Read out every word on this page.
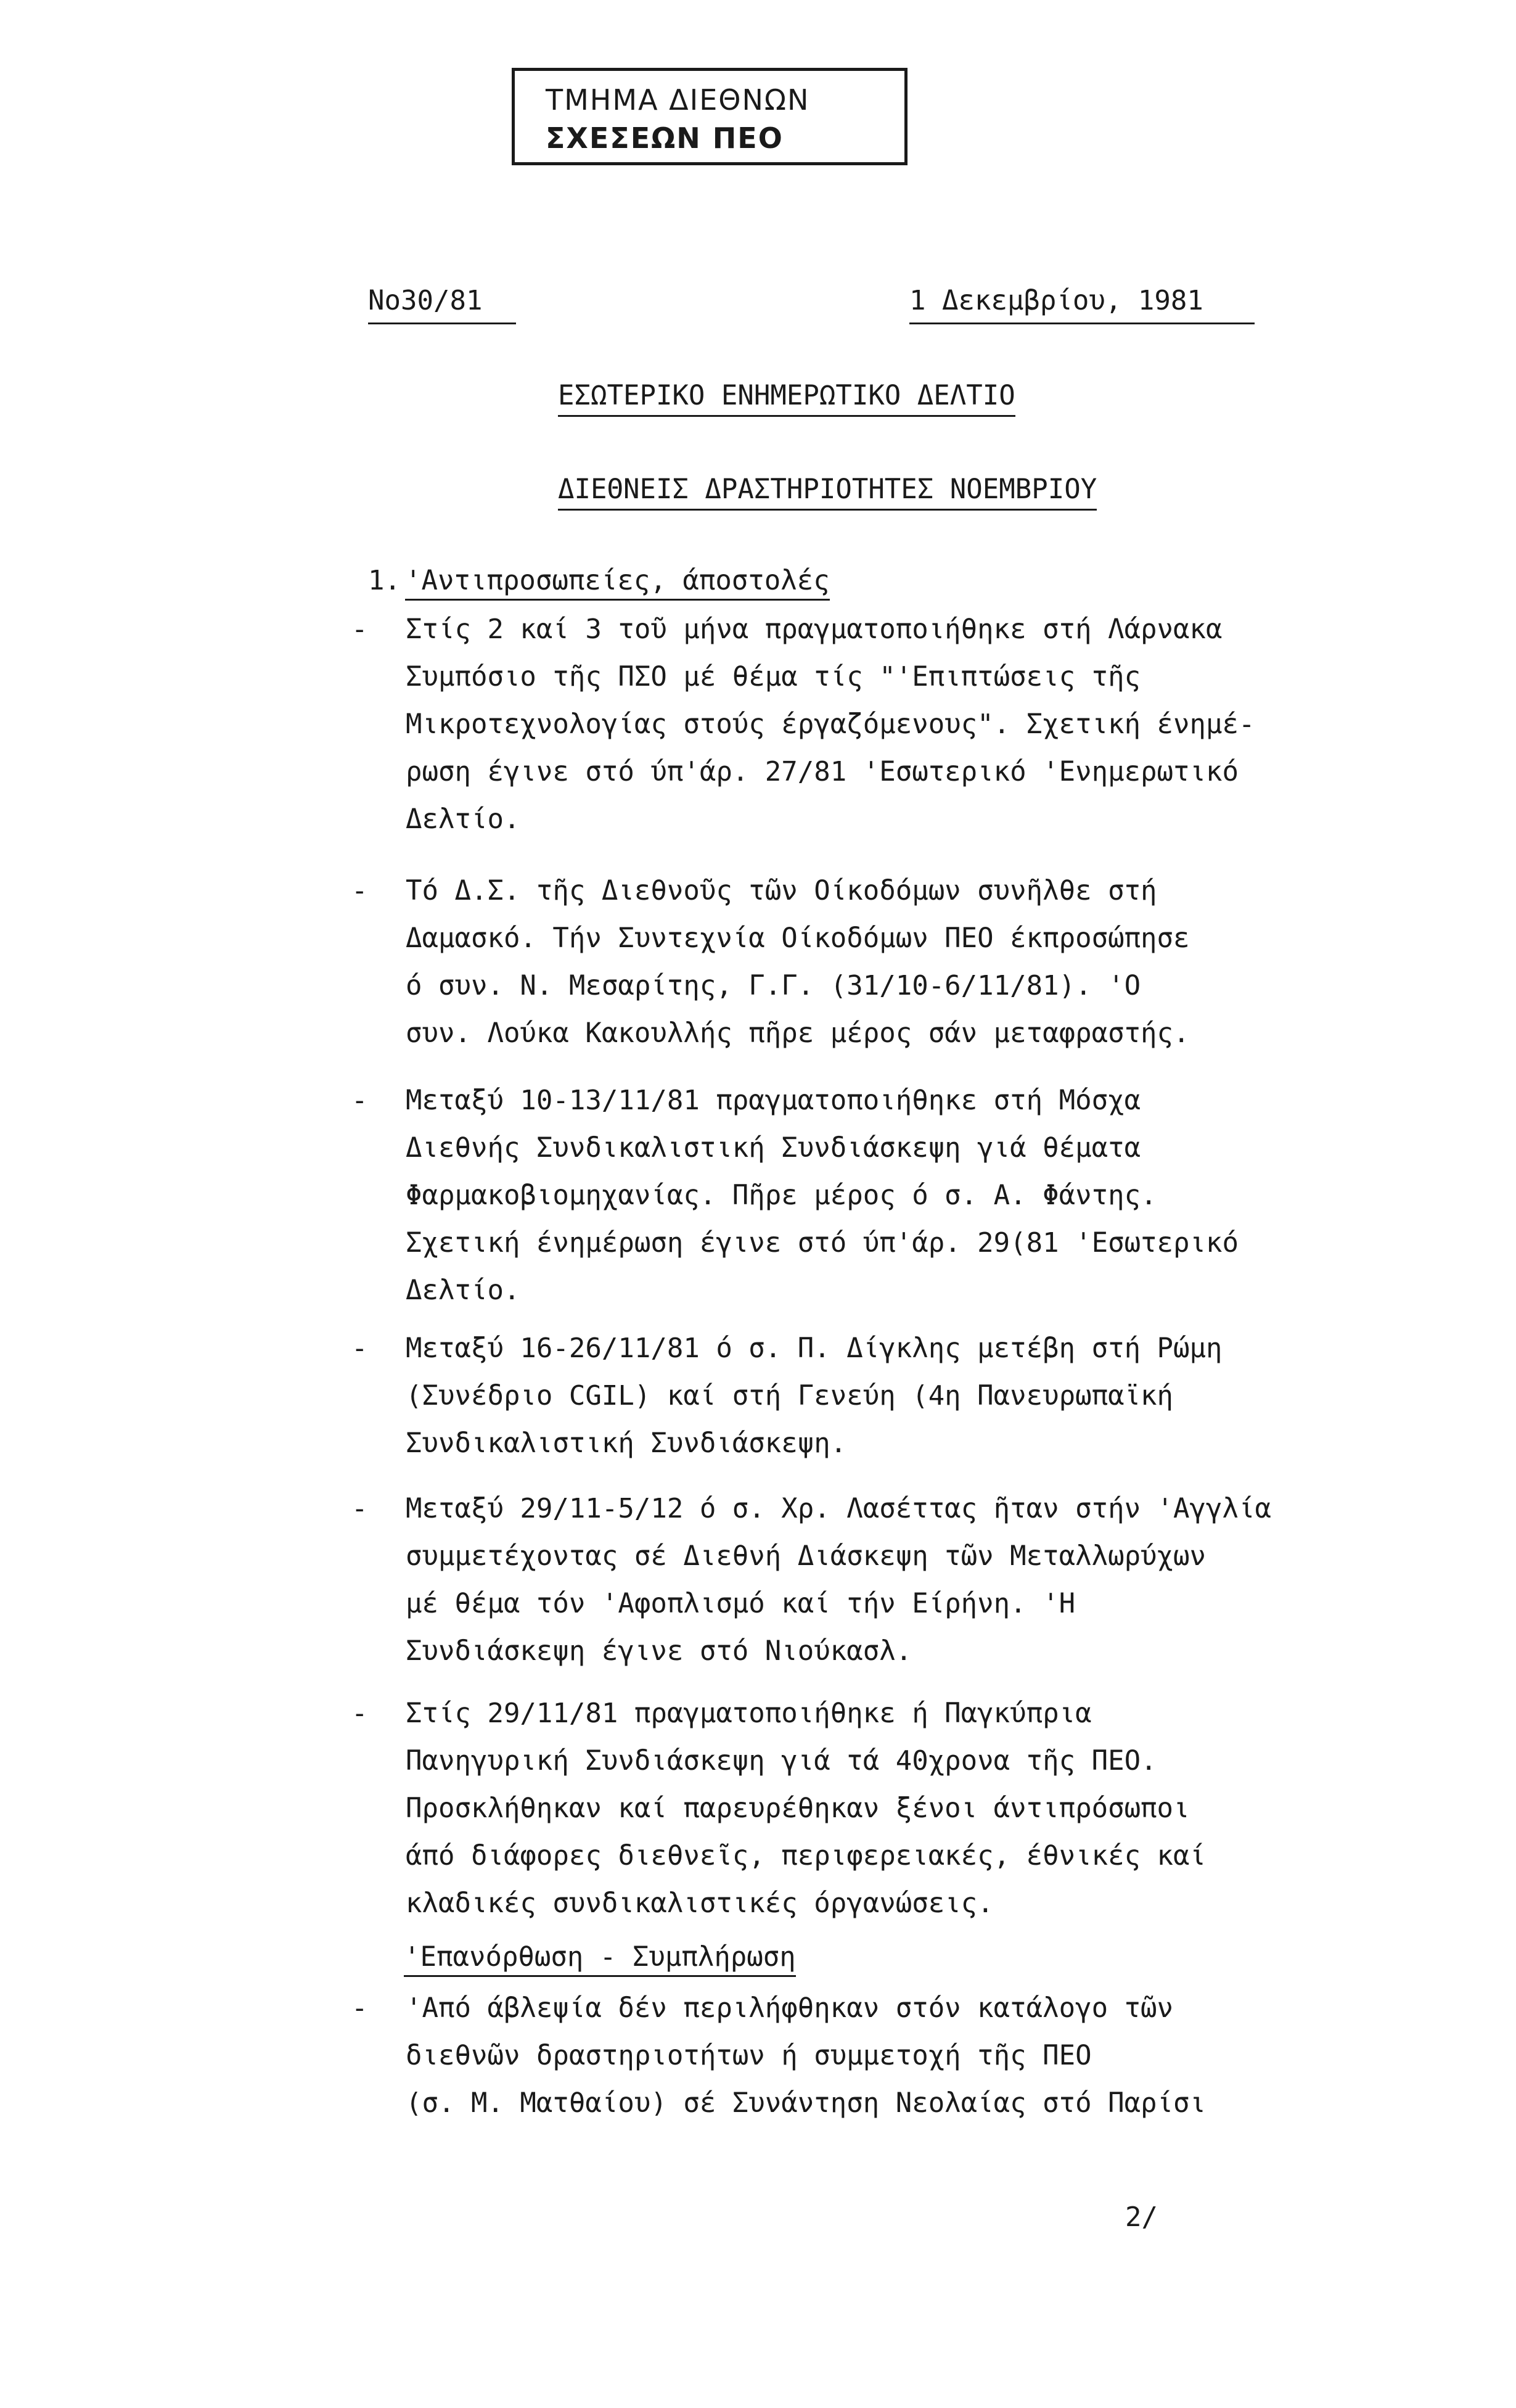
ΤΜΗΜΑ ΔΙΕΘΝΩΝ
ΣΧΕΣΕΩΝ ΠΕΟ
Νο30/81	1 Δεκεμβρίου, 1981
ΕΣΩΤΕΡΙΚΟ ΕΝΗΜΕΡΩΤΙΚΟ ΔΕΛΤΙΟ
ΔΙΕΘΝΕΙΣ ΔΡΑΣΤΗΡΙΟΤΗΤΕΣ ΝΟΕΜΒΡΙΟΥ
1. 'Αντιπροσωπείες, άποστολές
- Στίς 2 καί 3 τοῦ μήνα πραγματοποιήθηκε στή Λάρνακα
Συμπόσιο τῆς ΠΣΟ μέ θέμα τίς "'Επιπτώσεις τῆς
Μικροτεχνολογίας στούς έργαζόμενους". Σχετική ένημέ-
ρωση έγινε στό ύπ'άρ. 27/81 'Εσωτερικό 'Ενημερωτικό
Δελτίο.
- Τό Δ.Σ. τῆς Διεθνοῦς τῶν Οίκοδόμων συνῆλθε στή
Δαμασκό. Τήν Συντεχνία Οίκοδόμων ΠΕΟ έκπροσώπησε
ό συν. Ν. Μεσαρίτης, Γ.Γ. (31/10-6/11/81). 'Ο
συν. Λούκα Κακουλλής πῆρε μέρος σάν μεταφραστής.
- Μεταξύ 10-13/11/81 πραγματοποιήθηκε στή Μόσχα
Διεθνής Συνδικαλιστική Συνδιάσκεψη γιά θέματα
Φαρμακοβιομηχανίας. Πῆρε μέρος ό σ. Α. Φάντης.
Σχετική ένημέρωση έγινε στό ύπ'άρ. 29(81 'Εσωτερικό
Δελτίο.
- Μεταξύ 16-26/11/81 ό σ. Π. Δίγκλης μετέβη στή Ρώμη
(Συνέδριο CGIL) καί στή Γενεύη (4η Πανευρωπαϊκή
Συνδικαλιστική Συνδιάσκεψη.
- Μεταξύ 29/11-5/12 ό σ. Χρ. Λασέττας ῆταν στήν 'Αγγλία
συμμετέχοντας σέ Διεθνή Διάσκεψη τῶν Μεταλλωρύχων
μέ θέμα τόν 'Αφοπλισμό καί τήν Είρήνη. 'Η
Συνδιάσκεψη έγινε στό Νιούκασλ.
- Στίς 29/11/81 πραγματοποιήθηκε ή Παγκύπρια
Πανηγυρική Συνδιάσκεψη γιά τά 40χρονα τῆς ΠΕΟ.
Προσκλήθηκαν καί παρευρέθηκαν ξένοι άντιπρόσωποι
άπό διάφορες διεθνεῖς, περιφερειακές, έθνικές καί
κλαδικές συνδικαλιστικές όργανώσεις.
'Επανόρθωση - Συμπλήρωση
- 'Από άβλεψία δέν περιλήφθηκαν στόν κατάλογο τῶν
διεθνῶν δραστηριοτήτων ή συμμετοχή τῆς ΠΕΟ
(σ. Μ. Ματθαίου) σέ Συνάντηση Νεολαίας στό Παρίσι
2/
